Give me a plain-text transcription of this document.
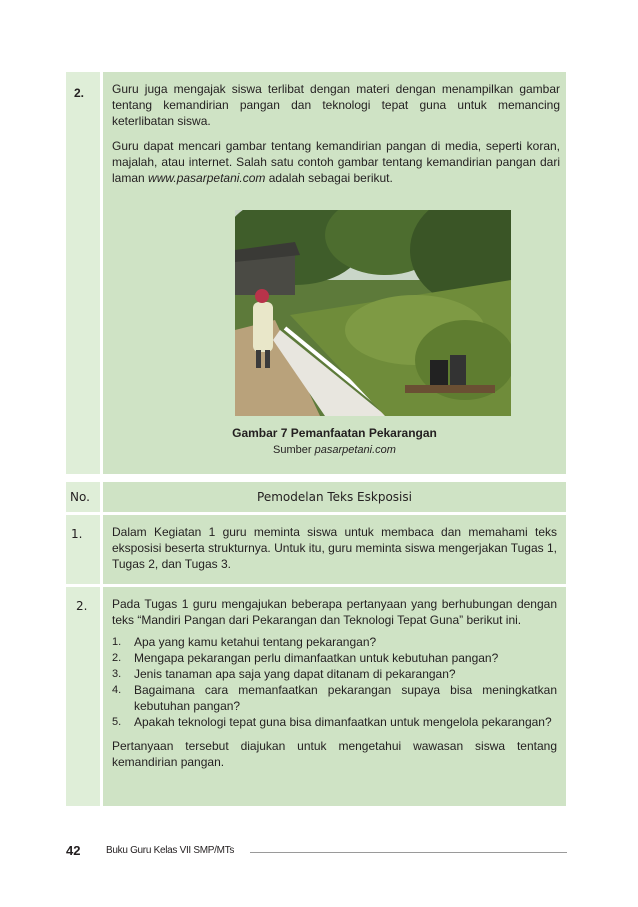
2.	Guru juga mengajak siswa terlibat dengan materi dengan menampilkan gambar tentang kemandirian pangan dan teknologi tepat guna untuk memancing keterlibatan siswa.

Guru dapat mencari gambar tentang kemandirian pangan di media, seperti koran, majalah, atau internet. Salah satu contoh gambar tentang kemandirian pangan dari laman www.pasarpetani.com adalah sebagai berikut.

Gambar 7 Pemanfaatan Pekarangan
Sumber pasarpetani.com
No.	Pemodelan Teks Eskposisi
1.	Dalam Kegiatan 1 guru meminta siswa untuk membaca dan memahami teks eksposisi beserta strukturnya. Untuk itu, guru meminta siswa mengerjakan Tugas 1, Tugas 2, dan Tugas 3.

2.	Pada Tugas 1 guru mengajukan beberapa pertanyaan yang berhubungan dengan teks “Mandiri Pangan dari Pekarangan dan Teknologi Tepat Guna” berikut ini.

1.	Apa yang kamu ketahui tentang pekarangan?
2.	Mengapa pekarangan perlu dimanfaatkan untuk kebutuhan pangan?
3.	Jenis tanaman apa saja yang dapat ditanam di pekarangan?
4.	Bagaimana cara memanfaatkan pekarangan supaya bisa meningkatkan kebutuhan pangan?
5.	Apakah teknologi tepat guna bisa dimanfaatkan untuk mengelola pekarangan?

Pertanyaan tersebut diajukan untuk mengetahui wawasan siswa tentang kemandirian pangan.

42	Buku Guru Kelas VII SMP/MTs
